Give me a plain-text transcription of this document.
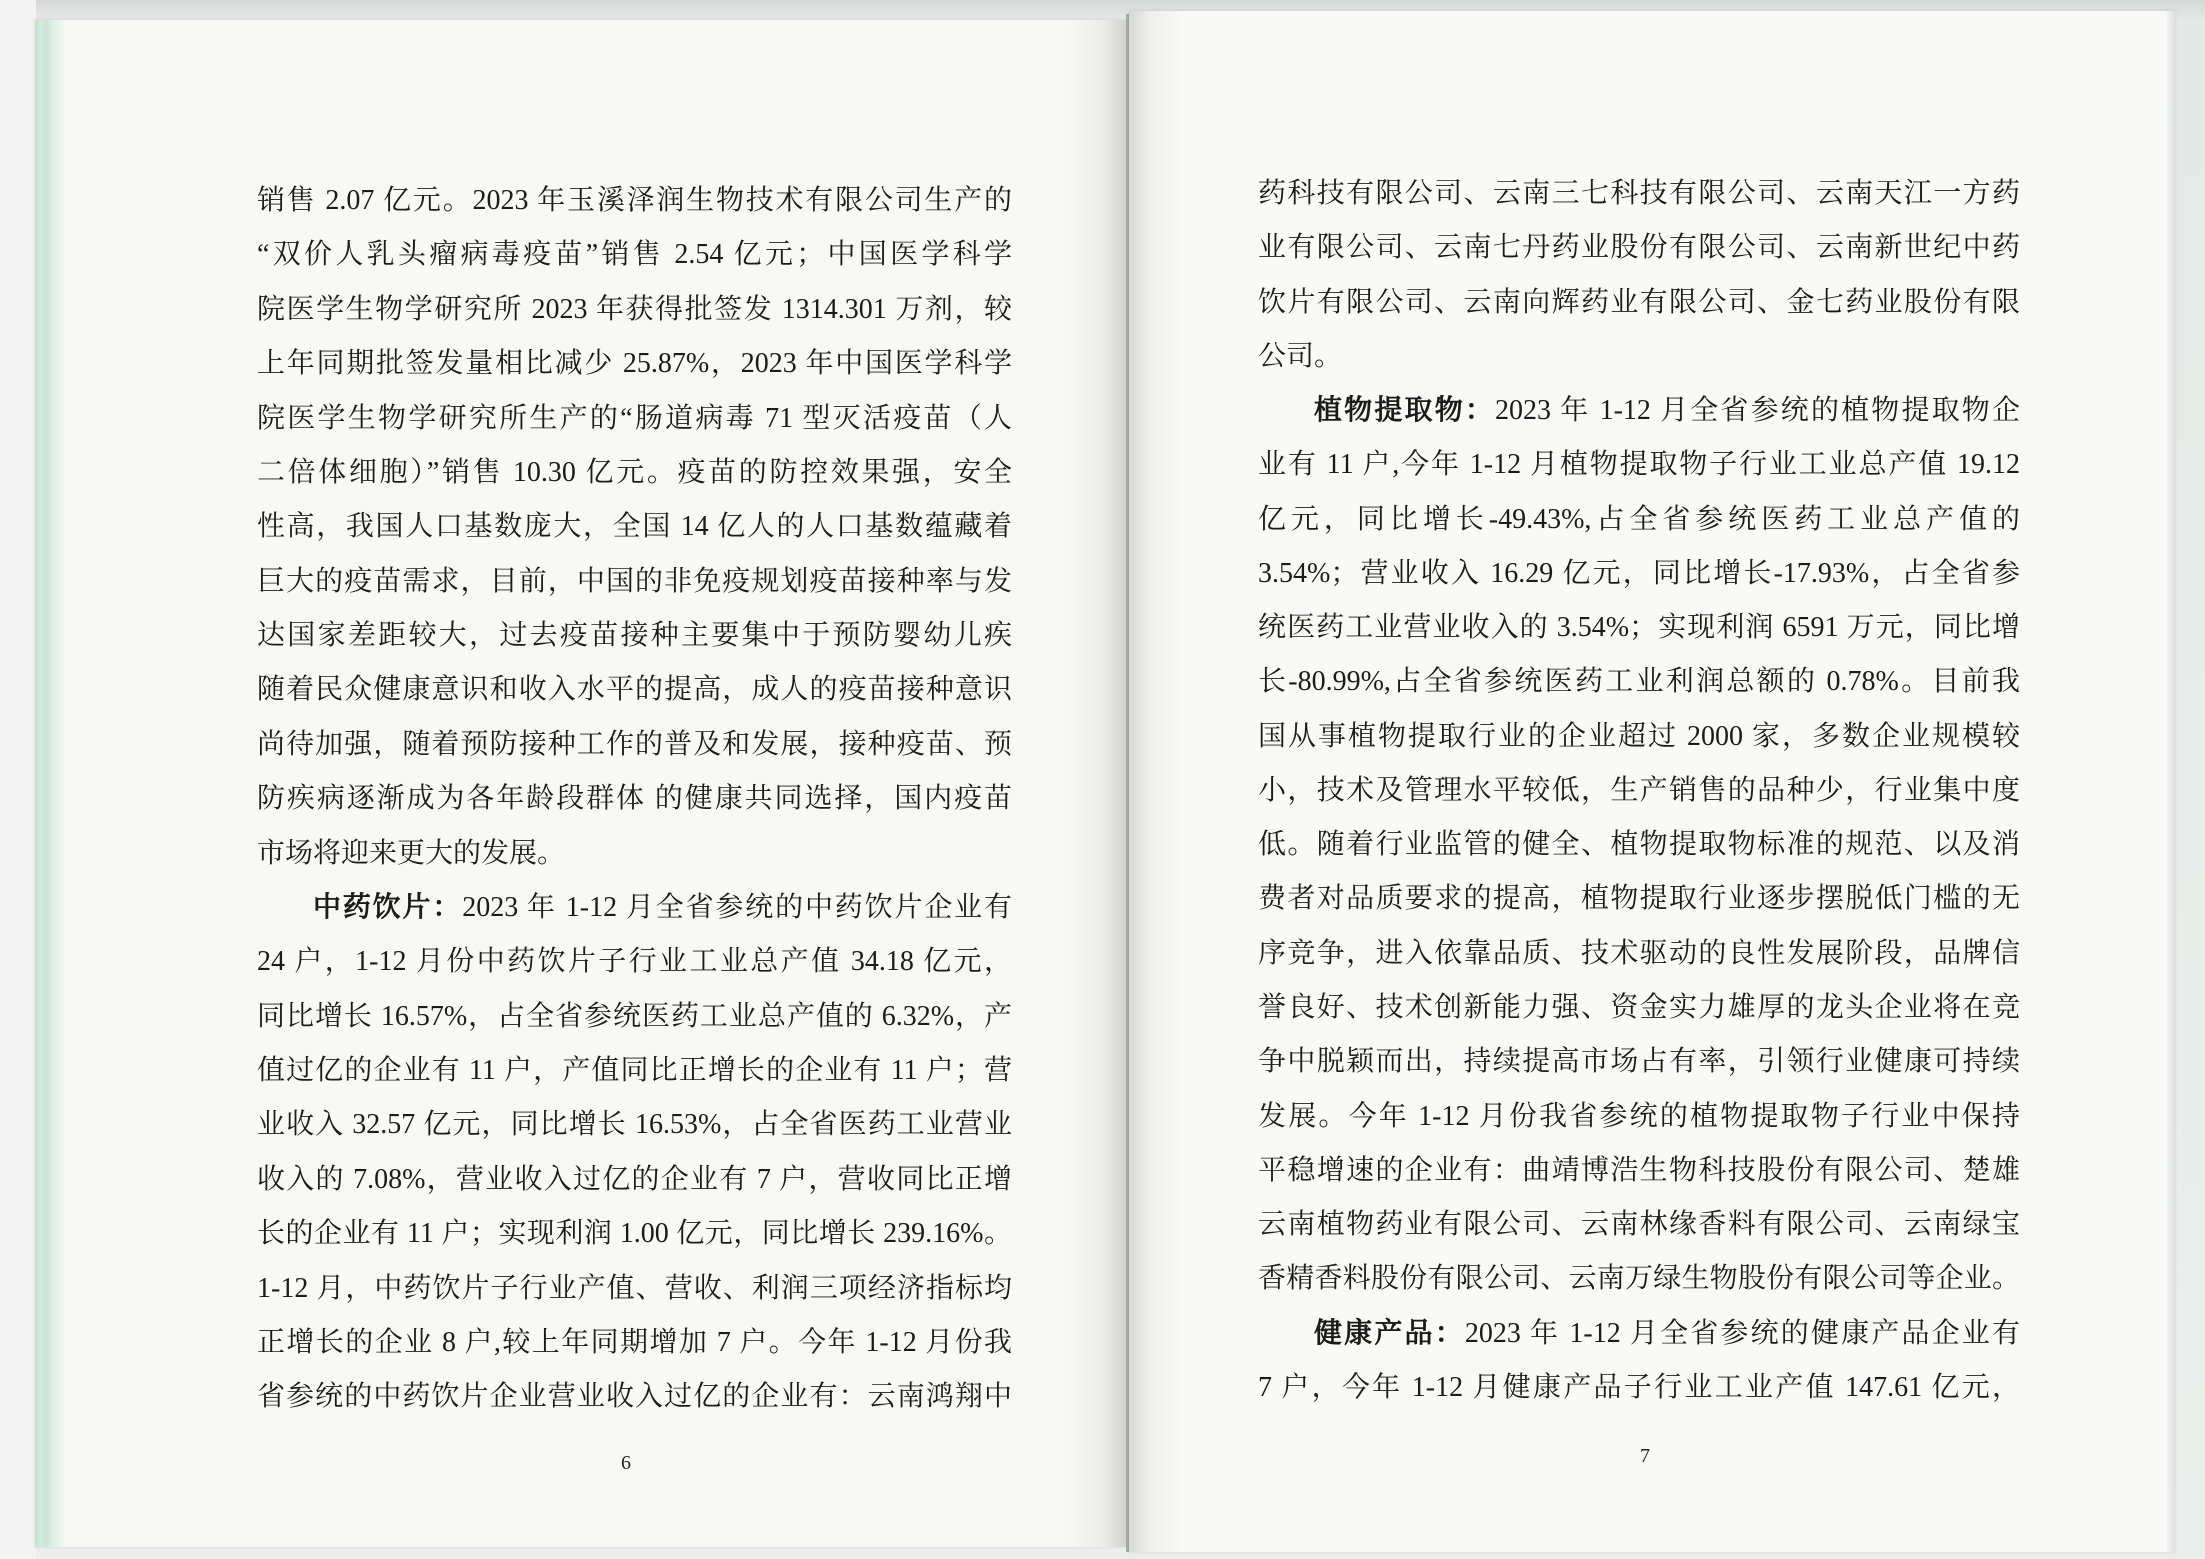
销售 2.07 亿元。2023 年玉溪泽润生物技术有限公司生产的
“双价人乳头瘤病毒疫苗”销售 2.54 亿元；中国医学科学
院医学生物学研究所 2023 年获得批签发 1314.301 万剂，较
上年同期批签发量相比减少 25.87%，2023 年中国医学科学
院医学生物学研究所生产的“肠道病毒 71 型灭活疫苗（人
二倍体细胞）”销售 10.30 亿元。疫苗的防控效果强，安全
性高，我国人口基数庞大，全国 14 亿人的人口基数蕴藏着
巨大的疫苗需求，目前，中国的非免疫规划疫苗接种率与发
达国家差距较大，过去疫苗接种主要集中于预防婴幼儿疾
随着民众健康意识和收入水平的提高，成人的疫苗接种意识
尚待加强，随着预防接种工作的普及和发展，接种疫苗、预
防疾病逐渐成为各年龄段群体 的健康共同选择，国内疫苗
市场将迎来更大的发展。
中药饮片：2023 年 1-12 月全省参统的中药饮片企业有
24 户，1-12 月份中药饮片子行业工业总产值 34.18 亿元，
同比增长 16.57%，占全省参统医药工业总产值的 6.32%，产
值过亿的企业有 11 户，产值同比正增长的企业有 11 户；营
业收入 32.57 亿元，同比增长 16.53%，占全省医药工业营业
收入的 7.08%，营业收入过亿的企业有 7 户，营收同比正增
长的企业有 11 户；实现利润 1.00 亿元，同比增长 239.16%。
1-12 月，中药饮片子行业产值、营收、利润三项经济指标均
正增长的企业 8 户,较上年同期增加 7 户。今年 1-12 月份我
省参统的中药饮片企业营业收入过亿的企业有：云南鸿翔中
6
药科技有限公司、云南三七科技有限公司、云南天江一方药
业有限公司、云南七丹药业股份有限公司、云南新世纪中药
饮片有限公司、云南向辉药业有限公司、金七药业股份有限
公司。
植物提取物：2023 年 1-12 月全省参统的植物提取物企
业有 11 户,今年 1-12 月植物提取物子行业工业总产值 19.12
亿元，同比增长-49.43%,占全省参统医药工业总产值的
3.54%；营业收入 16.29 亿元，同比增长-17.93%，占全省参
统医药工业营业收入的 3.54%；实现利润 6591 万元，同比增
长-80.99%,占全省参统医药工业利润总额的 0.78%。目前我
国从事植物提取行业的企业超过 2000 家，多数企业规模较
小，技术及管理水平较低，生产销售的品种少，行业集中度
低。随着行业监管的健全、植物提取物标准的规范、以及消
费者对品质要求的提高，植物提取行业逐步摆脱低门槛的无
序竞争，进入依靠品质、技术驱动的良性发展阶段，品牌信
誉良好、技术创新能力强、资金实力雄厚的龙头企业将在竞
争中脱颖而出，持续提高市场占有率，引领行业健康可持续
发展。今年 1-12 月份我省参统的植物提取物子行业中保持
平稳增速的企业有：曲靖博浩生物科技股份有限公司、楚雄
云南植物药业有限公司、云南林缘香料有限公司、云南绿宝
香精香料股份有限公司、云南万绿生物股份有限公司等企业。
健康产品：2023 年 1-12 月全省参统的健康产品企业有
7 户，今年 1-12 月健康产品子行业工业产值 147.61 亿元，
7
